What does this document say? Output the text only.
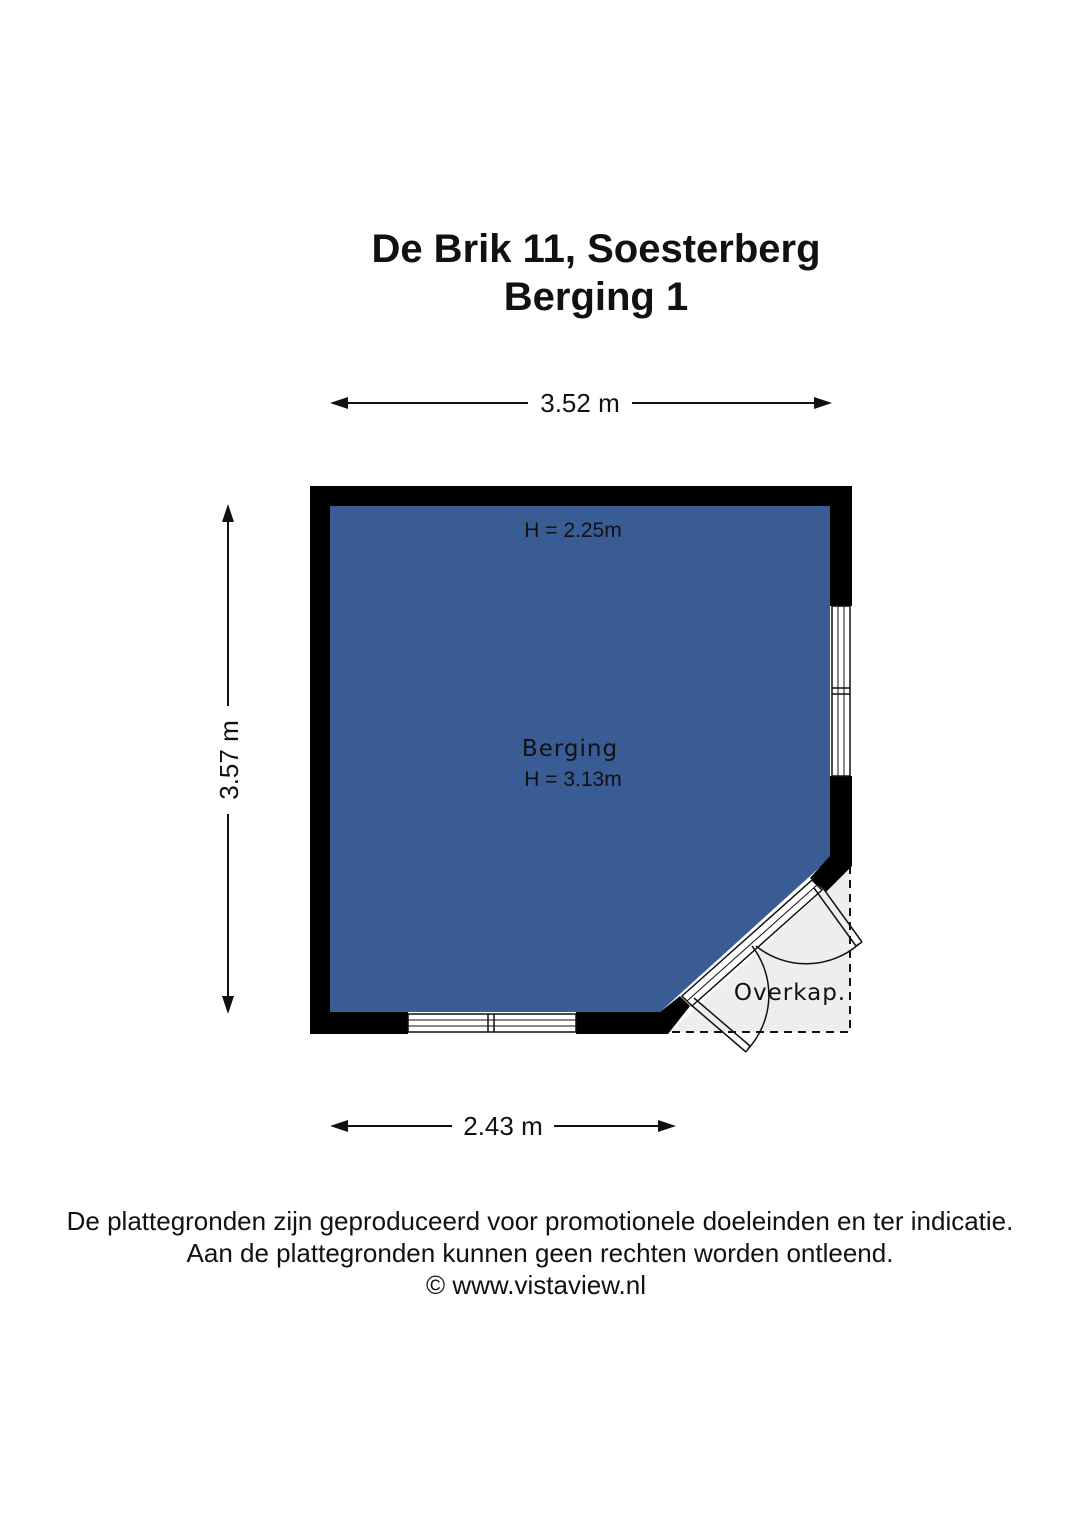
De Brik 11, Soesterberg
Berging 1
3.52 m
3.57 m
H = 2.25m
Berging
H = 3.13m
Overkap.
2.43 m
De plattegronden zijn geproduceerd voor promotionele doeleinden en ter indicatie.
Aan de plattegronden kunnen geen rechten worden ontleend.
© www.vistaview.nl
